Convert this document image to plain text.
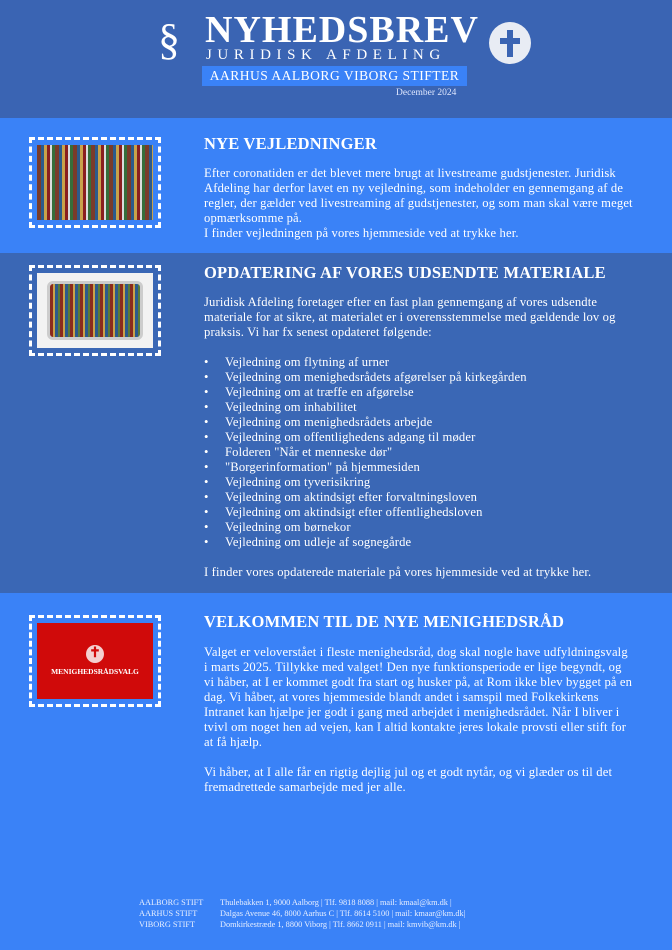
§ NYHEDSBREV
JURIDISK AFDELING
AARHUS AALBORG VIBORG STIFTER
December 2024
NYE VEJLEDNINGER

Efter coronatiden er det blevet mere brugt at livestreame gudstjenester. Juridisk Afdeling har derfor lavet en ny vejledning, som indeholder en gennemgang af de regler, der gælder ved livestreaming af gudstjenester, og som man skal være meget opmærksomme på.

I finder vejledningen på vores hjemmeside ved at trykke her.

OPDATERING AF VORES UDSENDTE MATERIALE

Juridisk Afdeling foretager efter en fast plan gennemgang af vores udsendte materiale for at sikre, at materialet er i overensstemmelse med gældende lov og praksis. Vi har fx senest opdateret følgende:

• Vejledning om flytning af urner
• Vejledning om menighedsrådets afgørelser på kirkegården
• Vejledning om at træffe en afgørelse
• Vejledning om inhabilitet
• Vejledning om menighedsrådets arbejde
• Vejledning om offentlighedens adgang til møder
• Folderen "Når et menneske dør"
• "Borgerinformation" på hjemmesiden
• Vejledning om tyverisikring
• Vejledning om aktindsigt efter forvaltningsloven
• Vejledning om aktindsigt efter offentlighedsloven
• Vejledning om børnekor
• Vejledning om udleje af sognegårde

I finder vores opdaterede materiale på vores hjemmeside ved at trykke her.

✝
MENIGHEDSRÅDSVALG
VELKOMMEN TIL DE NYE MENIGHEDSRÅD

Valget er veloverstået i fleste menighedsråd, dog skal nogle have udfyldningsvalg i marts 2025. Tillykke med valget! Den nye funktionsperiode er lige begyndt, og vi håber, at I er kommet godt fra start og husker på, at Rom ikke blev bygget på en dag. Vi håber, at vores hjemmeside blandt andet i samspil med Folkekirkens Intranet kan hjælpe jer godt i gang med arbejdet i menighedsrådet. Når I bliver i tvivl om noget hen ad vejen, kan I altid kontakte jeres lokale provsti eller stift for at få hjælp.

Vi håber, at I alle får en rigtig dejlig jul og et godt nytår, og vi glæder os til det fremadrettede samarbejde med jer alle.

AALBORG STIFT	Thulebakken 1, 9000 Aalborg | Tlf. 9818 8088 | mail: kmaal@km.dk |
AARHUS STIFT	Dalgas Avenue 46, 8000 Aarhus C | Tlf. 8614 5100 | mail: kmaar@km.dk|
VIBORG STIFT	Domkirkestræde 1, 8800 Viborg | Tlf. 8662 0911 | mail: kmvib@km.dk |
